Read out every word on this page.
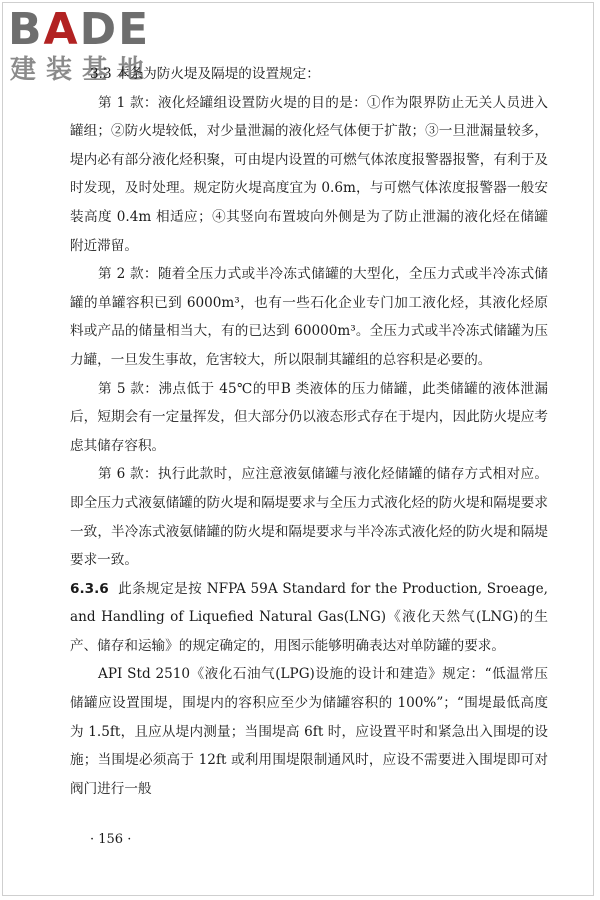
BADE
建装基地

3.3 本条为防火堤及隔堤的设置规定：

第 1 款：液化烃罐组设置防火堤的目的是：①作为限界防止无关人员进入罐组；②防火堤较低，对少量泄漏的液化烃气体便于扩散；③一旦泄漏量较多，堤内必有部分液化烃积聚，可由堤内设置的可燃气体浓度报警器报警，有利于及时发现，及时处理。规定防火堤高度宜为 0.6m，与可燃气体浓度报警器一般安装高度 0.4m 相适应；④其竖向布置坡向外侧是为了防止泄漏的液化烃在储罐附近滞留。

第 2 款：随着全压力式或半冷冻式储罐的大型化，全压力式或半冷冻式储罐的单罐容积已到 6000m³，也有一些石化企业专门加工液化烃，其液化烃原料或产品的储量相当大，有的已达到 60000m³。全压力式或半冷冻式储罐为压力罐，一旦发生事故，危害较大，所以限制其罐组的总容积是必要的。

第 5 款：沸点低于 45℃的甲B 类液体的压力储罐，此类储罐的液体泄漏后，短期会有一定量挥发，但大部分仍以液态形式存在于堤内，因此防火堤应考虑其储存容积。

第 6 款：执行此款时，应注意液氨储罐与液化烃储罐的储存方式相对应。即全压力式液氨储罐的防火堤和隔堤要求与全压力式液化烃的防火堤和隔堤要求一致，半冷冻式液氨储罐的防火堤和隔堤要求与半冷冻式液化烃的防火堤和隔堤要求一致。

6.3.6 此条规定是按 NFPA 59A Standard for the Production, Sroeage, and Handling of Liquefied Natural Gas(LNG)《液化天然气(LNG)的生产、储存和运输》的规定确定的，用图示能够明确表达对单防罐的要求。

API Std 2510《液化石油气(LPG)设施的设计和建造》规定：“低温常压储罐应设置围堤，围堤内的容积应至少为储罐容积的 100%”；“围堤最低高度为 1.5ft，且应从堤内测量；当围堤高 6ft 时，应设置平时和紧急出入围堤的设施；当围堤必须高于 12ft 或利用围堤限制通风时，应设不需要进入围堤即可对阀门进行一般

· 156 ·
